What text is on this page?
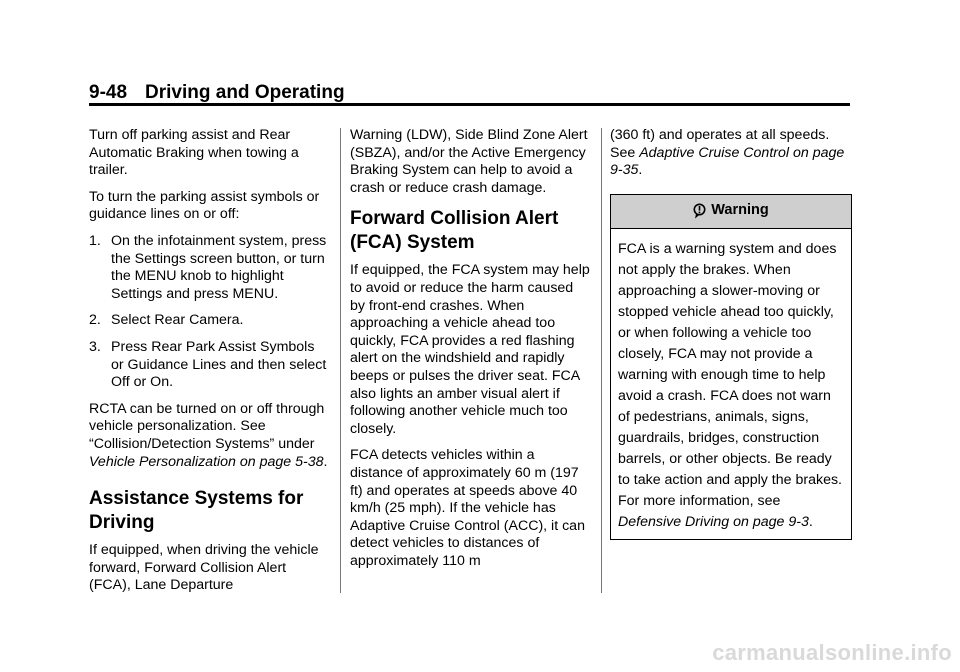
9-48 Driving and Operating

Turn off parking assist and Rear Automatic Braking when towing a trailer.

To turn the parking assist symbols or guidance lines on or off:

1. On the infotainment system, press the Settings screen button, or turn the MENU knob to highlight Settings and press MENU.
2. Select Rear Camera.
3. Press Rear Park Assist Symbols or Guidance Lines and then select Off or On.

RCTA can be turned on or off through vehicle personalization. See “Collision/Detection Systems” under Vehicle Personalization on page 5-38.

Assistance Systems for Driving

If equipped, when driving the vehicle forward, Forward Collision Alert (FCA), Lane Departure

Warning (LDW), Side Blind Zone Alert (SBZA), and/or the Active Emergency Braking System can help to avoid a crash or reduce crash damage.

Forward Collision Alert (FCA) System

If equipped, the FCA system may help to avoid or reduce the harm caused by front-end crashes. When approaching a vehicle ahead too quickly, FCA provides a red flashing alert on the windshield and rapidly beeps or pulses the driver seat. FCA also lights an amber visual alert if following another vehicle much too closely.

FCA detects vehicles within a distance of approximately 60 m (197 ft) and operates at speeds above 40 km/h (25 mph). If the vehicle has Adaptive Cruise Control (ACC), it can detect vehicles to distances of approximately 110 m

(360 ft) and operates at all speeds. See Adaptive Cruise Control on page 9-35.

Warning
FCA is a warning system and does not apply the brakes. When approaching a slower-moving or stopped vehicle ahead too quickly, or when following a vehicle too closely, FCA may not provide a warning with enough time to help avoid a crash. FCA does not warn of pedestrians, animals, signs, guardrails, bridges, construction barrels, or other objects. Be ready to take action and apply the brakes. For more information, see Defensive Driving on page 9-3.
carmanualsonline.info
